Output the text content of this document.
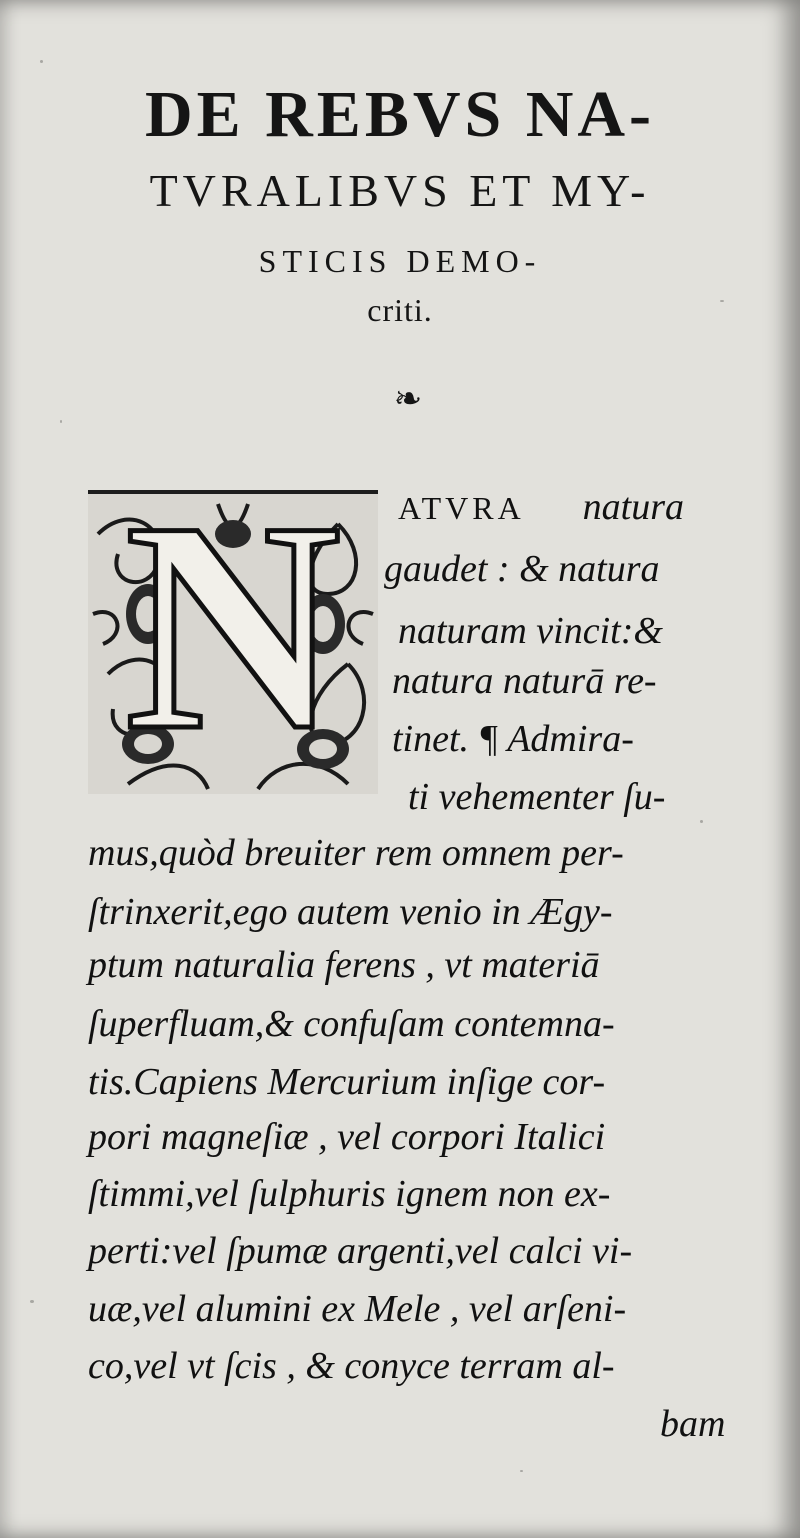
DE REBVS NA-
TVRALIBVS ET MY-
STICIS DEMO-
criti.
❧
N	ATVRA natura
gaudet : & natura
naturam vincit:&
natura naturā re-
tinet. ¶ Admira-
ti vehementer ſu-
mus,quòd breuiter rem omnem per-
ſtrinxerit,ego autem venio in Ægy-
ptum naturalia ferens , vt materiā
ſuperfluam,& confuſam contemna-
tis.Capiens Mercurium inſige cor-
pori magneſiæ , vel corpori Italici
ſtimmi,vel ſulphuris ignem non ex-
perti:vel ſpumæ argenti,vel calci vi-
uæ,vel alumini ex Mele , vel arſeni-
co,vel vt ſcis , & conyce terram al-
bam
